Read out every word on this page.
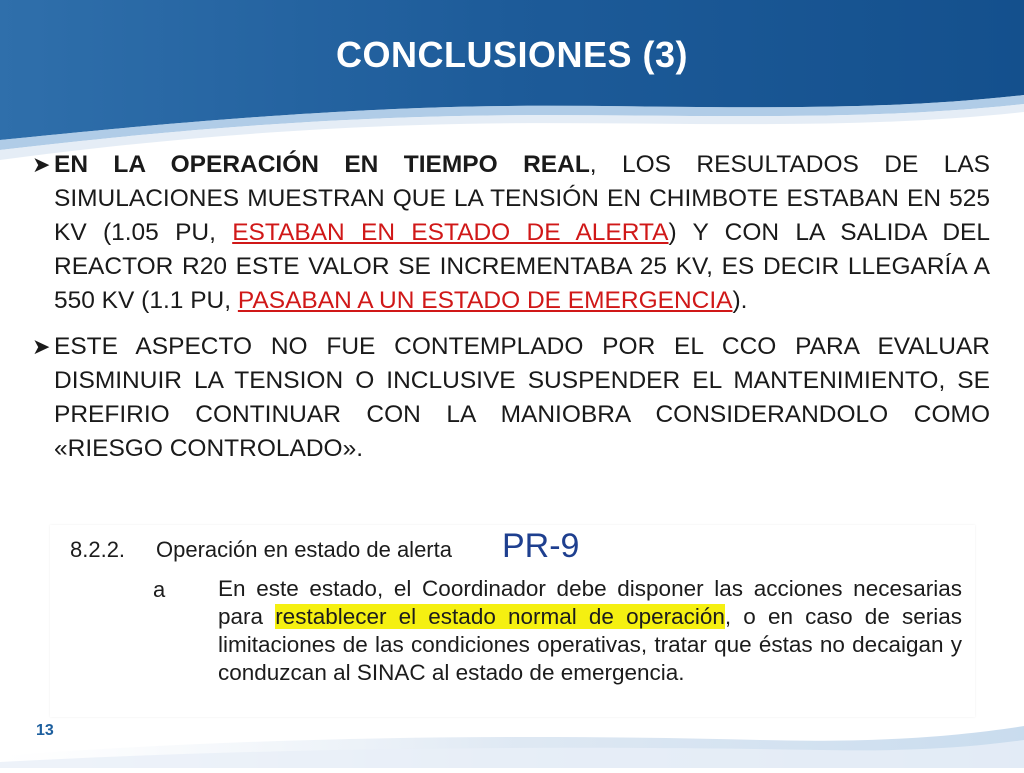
CONCLUSIONES (3)
➤ EN LA OPERACIÓN EN TIEMPO REAL, LOS RESULTADOS DE LAS SIMULACIONES MUESTRAN QUE LA TENSIÓN EN CHIMBOTE ESTABAN EN 525 KV (1.05 PU, ESTABAN EN ESTADO DE ALERTA) Y CON LA SALIDA DEL REACTOR R20 ESTE VALOR SE INCREMENTABA 25 KV, ES DECIR LLEGARÍA A 550 KV (1.1 PU, PASABAN A UN ESTADO DE EMERGENCIA).
➤ ESTE ASPECTO NO FUE CONTEMPLADO POR EL CCO PARA EVALUAR DISMINUIR LA TENSION O INCLUSIVE SUSPENDER EL MANTENIMIENTO, SE PREFIRIO CONTINUAR CON LA MANIOBRA CONSIDERANDOLO COMO «RIESGO CONTROLADO».
8.2.2. Operación en estado de alerta PR-9
a En este estado, el Coordinador debe disponer las acciones necesarias para restablecer el estado normal de operación, o en caso de serias limitaciones de las condiciones operativas, tratar que éstas no decaigan y conduzcan al SINAC al estado de emergencia.
13
